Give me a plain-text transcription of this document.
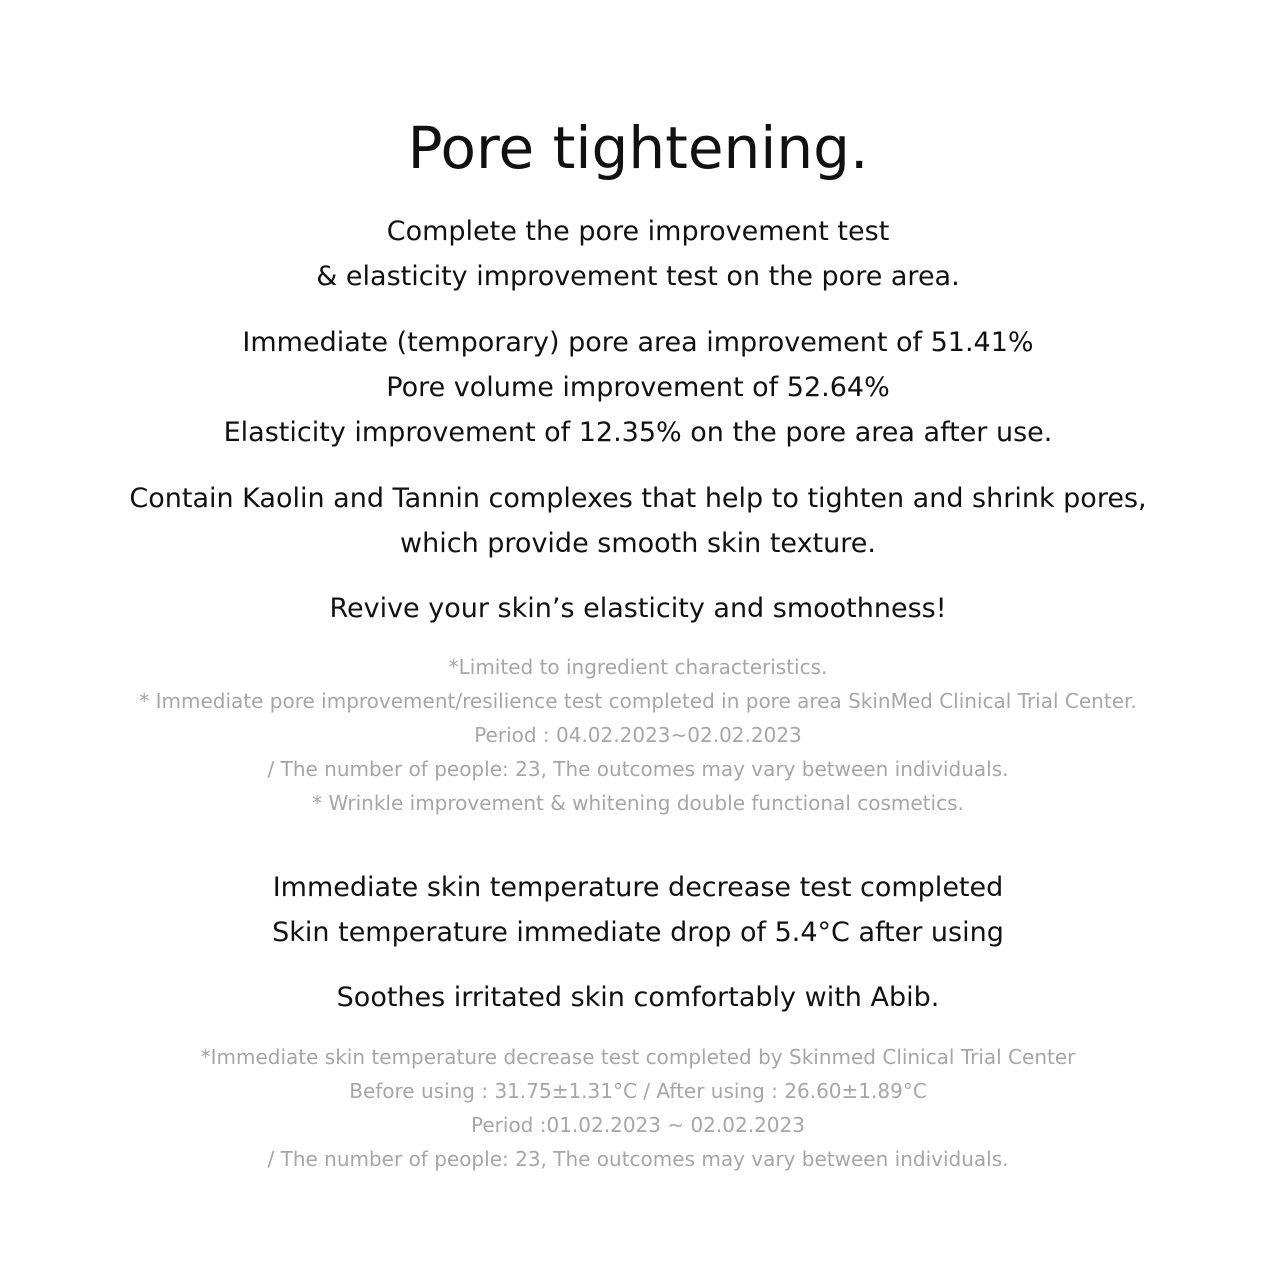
Pore tightening.
Complete the pore improvement test
& elasticity improvement test on the pore area.
Immediate (temporary) pore area improvement of 51.41%
Pore volume improvement of 52.64%
Elasticity improvement of 12.35% on the pore area after use.
Contain Kaolin and Tannin complexes that help to tighten and shrink pores,
which provide smooth skin texture.
Revive your skin’s elasticity and smoothness!
*Limited to ingredient characteristics.
* Immediate pore improvement/resilience test completed in pore area SkinMed Clinical Trial Center.
Period : 04.02.2023~02.02.2023
/ The number of people: 23, The outcomes may vary between individuals.
* Wrinkle improvement & whitening double functional cosmetics.
Immediate skin temperature decrease test completed
Skin temperature immediate drop of 5.4°C after using
Soothes irritated skin comfortably with Abib.
*Immediate skin temperature decrease test completed by Skinmed Clinical Trial Center
Before using : 31.75±1.31°C / After using : 26.60±1.89°C
Period :01.02.2023 ~ 02.02.2023
/ The number of people: 23, The outcomes may vary between individuals.
